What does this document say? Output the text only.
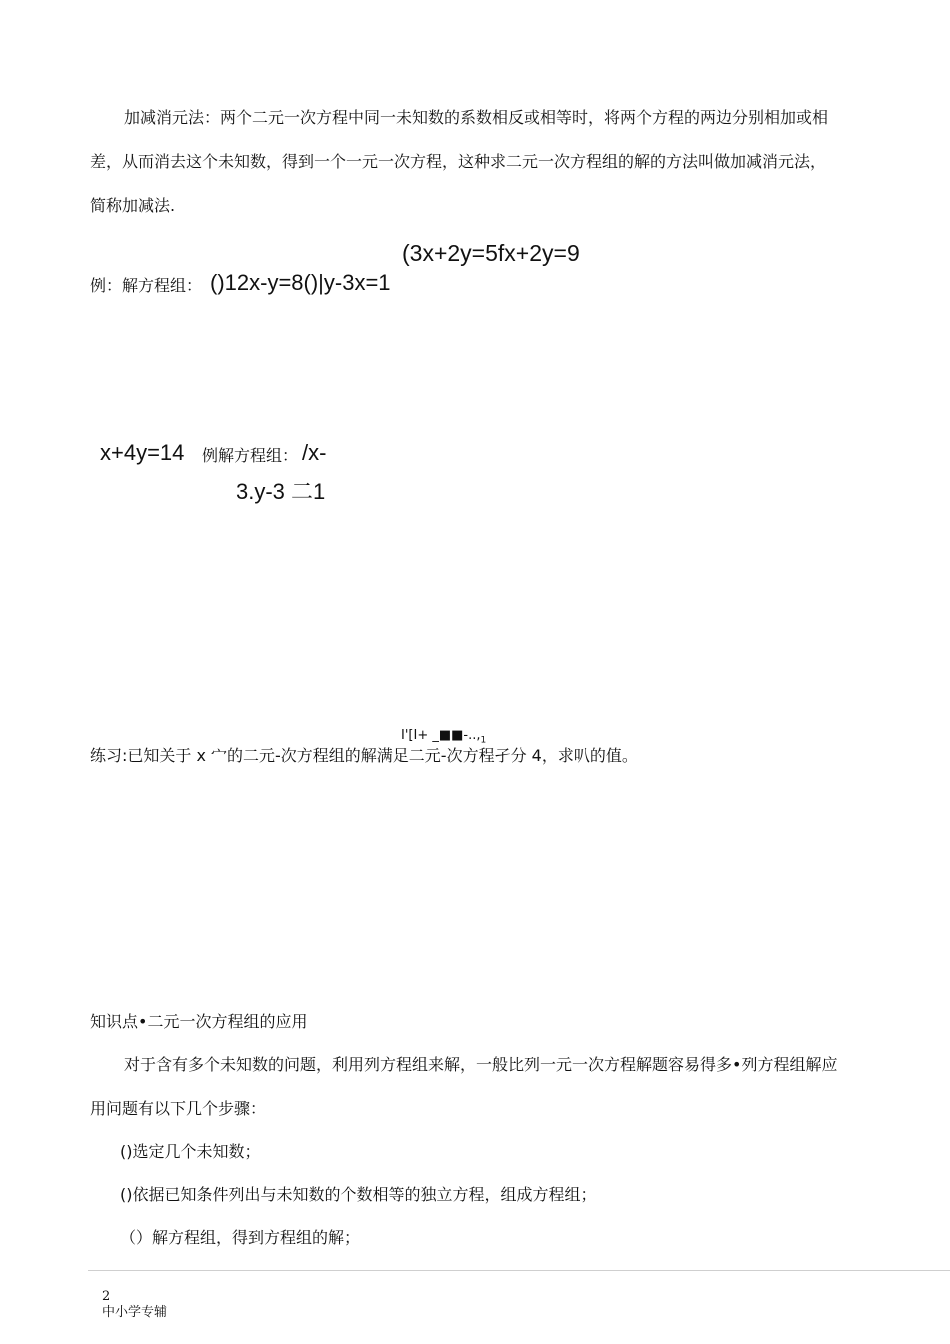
加减消元法：两个二元一次方程中同一未知数的系数相反或相等时，将两个方程的两边分别相加或相
差，从而消去这个未知数，得到一个一元一次方程，这种求二元一次方程组的解的方法叫做加减消元法，
简称加减法.
(3x+2y=5fx+2y=9
例：解方程组： ()12x-y=8()|y-3x=1
x+4y=14 例解方程组： /x-
3.y-3 二1
$I'[I+ \_■■-..,_1$
练习:已知关于 x 宀的二元-次方程组的解满足二元-次方程孑分 4，求叭的值。
知识点•二元一次方程组的应用
对于含有多个未知数的问题，利用列方程组来解，一般比列一元一次方程解题容易得多•列方程组解应
用问题有以下几个步骤：
()选定几个未知数；
()依据已知条件列出与未知数的个数相等的独立方程，组成方程组；
（）解方程组，得到方程组的解；
2
中小学专辅
